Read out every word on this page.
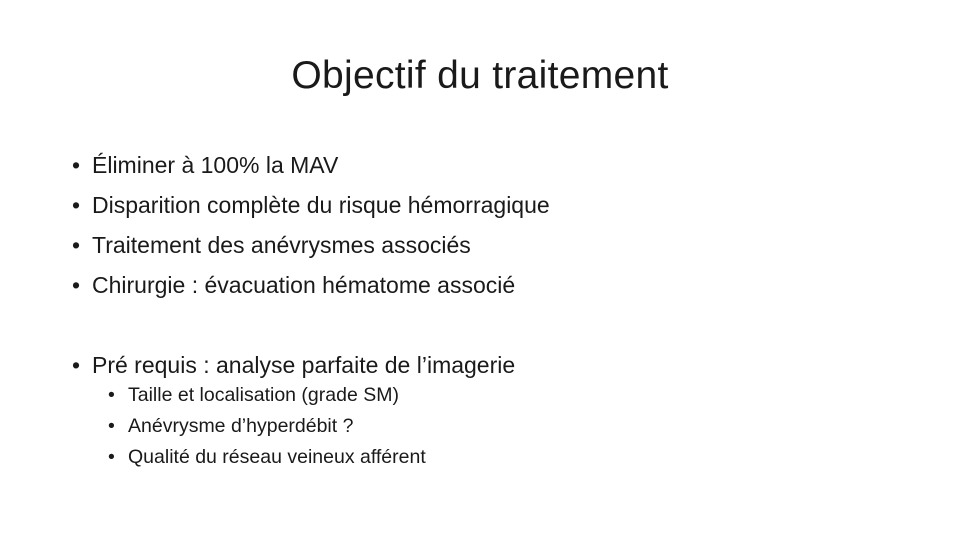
Objectif du traitement
• Éliminer à 100% la MAV
• Disparition complète du risque hémorragique
• Traitement des anévrysmes associés
• Chirurgie : évacuation hématome associé
• Pré requis : analyse parfaite de l’imagerie
• Taille et localisation (grade SM)
• Anévrysme d’hyperdébit ?
• Qualité du réseau veineux afférent
